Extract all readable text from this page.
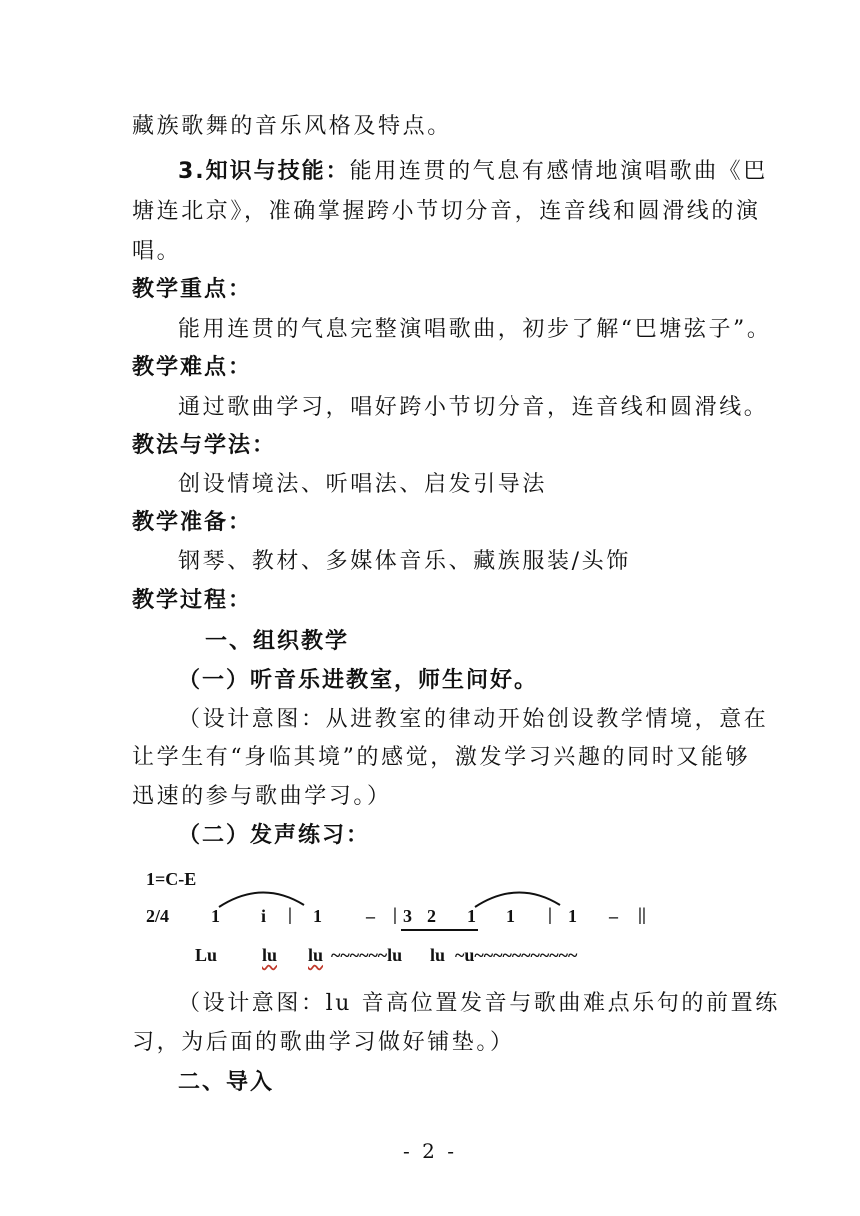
藏族歌舞的音乐风格及特点。
3.知识与技能：能用连贯的气息有感情地演唱歌曲《巴
塘连北京》，准确掌握跨小节切分音，连音线和圆滑线的演
唱。
教学重点：
能用连贯的气息完整演唱歌曲，初步了解“巴塘弦子”。
教学难点：
通过歌曲学习，唱好跨小节切分音，连音线和圆滑线。
教法与学法：
创设情境法、听唱法、启发引导法
教学准备：
钢琴、教材、多媒体音乐、藏族服装/头饰
教学过程：
一、组织教学
（一）听音乐进教室，师生问好。
（设计意图：从进教室的律动开始创设教学情境，意在
让学生有“身临其境”的感觉，激发学习兴趣的同时又能够
迅速的参与歌曲学习。）
（二）发声练习：
1=C-E
2/4 1 i | 1 – | 3 2 1 1 | 1 – ||
Lu lu lu ~~~~~~lu lu ~u~~~~~~~~~~~
（设计意图：lu 音高位置发音与歌曲难点乐句的前置练
习，为后面的歌曲学习做好铺垫。）
二、导入
- 2 -
